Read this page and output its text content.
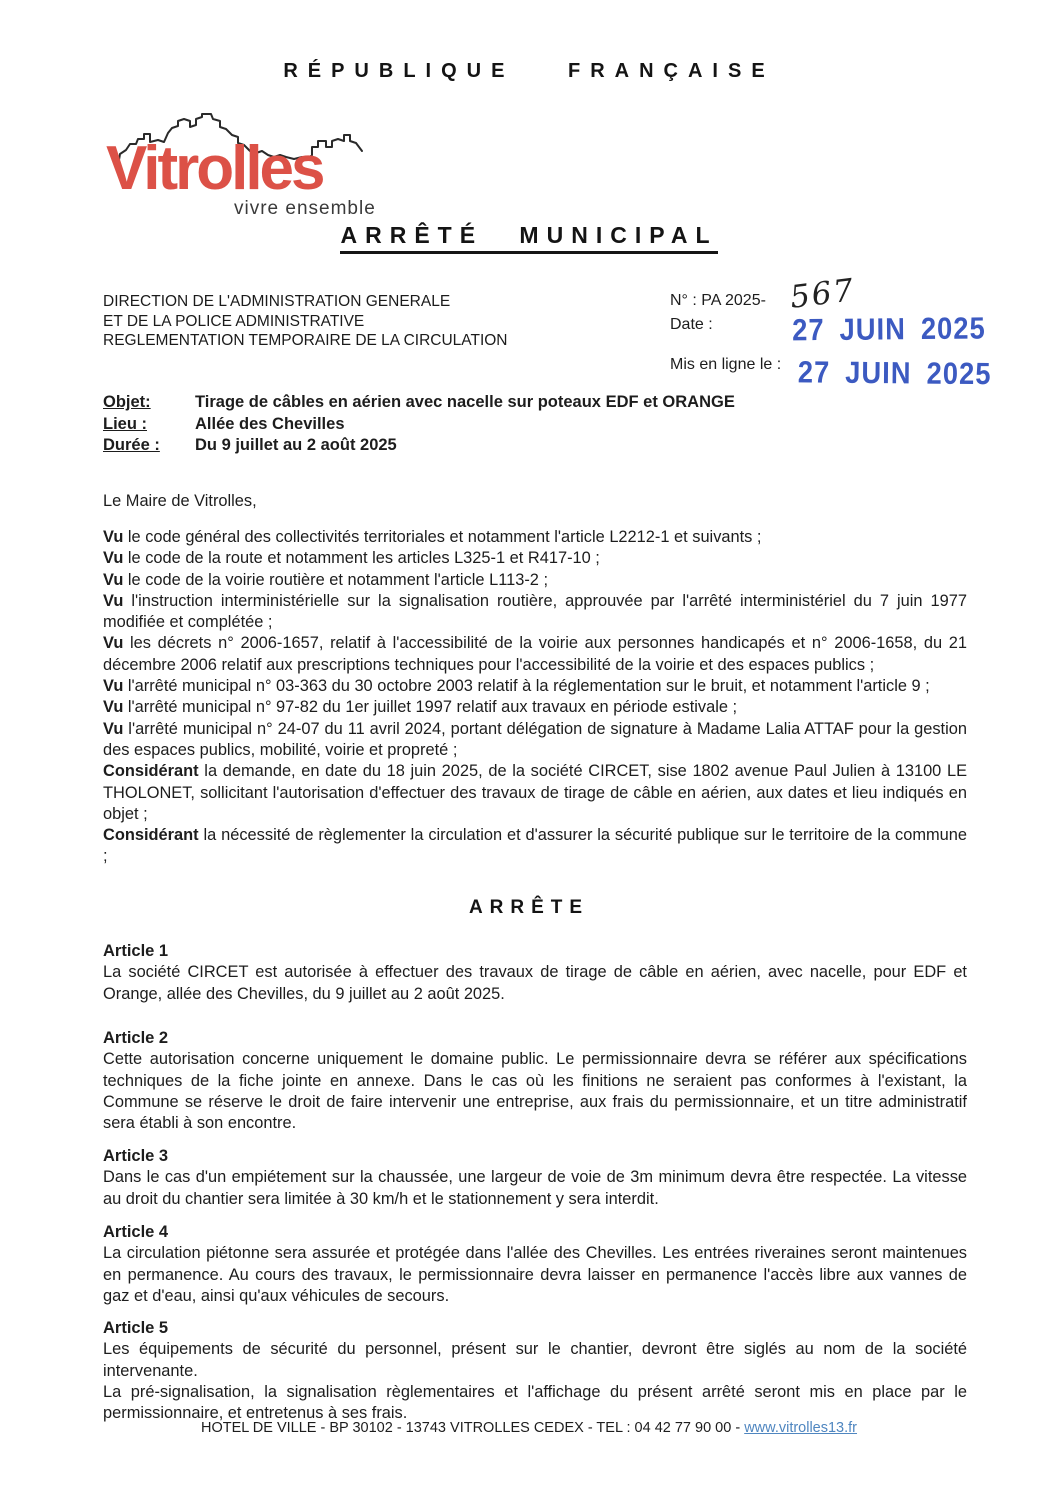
RÉPUBLIQUE FRANÇAISE
Vitrolles
vivre ensemble
ARRÊTÉ MUNICIPAL
DIRECTION DE L'ADMINISTRATION GENERALE
ET DE LA POLICE ADMINISTRATIVE
REGLEMENTATION TEMPORAIRE DE LA CIRCULATION
N° : PA 2025- 567
Date :	27 JUIN 2025
Mis en ligne le : 27 JUIN 2025
Objet:	Tirage de câbles en aérien avec nacelle sur poteaux EDF et ORANGE
Lieu :	Allée des Chevilles
Durée :	Du 9 juillet au 2 août 2025
Le Maire de Vitrolles,

Vu le code général des collectivités territoriales et notamment l'article L2212-1 et suivants ;

Vu le code de la route et notamment les articles L325-1 et R417-10 ;

Vu le code de la voirie routière et notamment l'article L113-2 ;

Vu l'instruction interministérielle sur la signalisation routière, approuvée par l'arrêté interministériel du 7 juin 1977 modifiée et complétée ;

Vu les décrets n° 2006-1657, relatif à l'accessibilité de la voirie aux personnes handicapés et n° 2006-1658, du 21 décembre 2006 relatif aux prescriptions techniques pour l'accessibilité de la voirie et des espaces publics ;

Vu l'arrêté municipal n° 03-363 du 30 octobre 2003 relatif à la réglementation sur le bruit, et notamment l'article 9 ;

Vu l'arrêté municipal n° 97-82 du 1er juillet 1997 relatif aux travaux en période estivale ;

Vu l'arrêté municipal n° 24-07 du 11 avril 2024, portant délégation de signature à Madame Lalia ATTAF pour la gestion des espaces publics, mobilité, voirie et propreté ;

Considérant la demande, en date du 18 juin 2025, de la société CIRCET, sise 1802 avenue Paul Julien à 13100 LE THOLONET, sollicitant l'autorisation d'effectuer des travaux de tirage de câble en aérien, aux dates et lieu indiqués en objet ;

Considérant la nécessité de règlementer la circulation et d'assurer la sécurité publique sur le territoire de la commune ;

ARRÊTE
Article 1

La société CIRCET est autorisée à effectuer des travaux de tirage de câble en aérien, avec nacelle, pour EDF et Orange, allée des Chevilles, du 9 juillet au 2 août 2025.

Article 2

Cette autorisation concerne uniquement le domaine public. Le permissionnaire devra se référer aux spécifications techniques de la fiche jointe en annexe. Dans le cas où les finitions ne seraient pas conformes à l'existant, la Commune se réserve le droit de faire intervenir une entreprise, aux frais du permissionnaire, et un titre administratif sera établi à son encontre.

Article 3

Dans le cas d'un empiétement sur la chaussée, une largeur de voie de 3m minimum devra être respectée. La vitesse au droit du chantier sera limitée à 30 km/h et le stationnement y sera interdit.

Article 4

La circulation piétonne sera assurée et protégée dans l'allée des Chevilles. Les entrées riveraines seront maintenues en permanence. Au cours des travaux, le permissionnaire devra laisser en permanence l'accès libre aux vannes de gaz et d'eau, ainsi qu'aux véhicules de secours.

Article 5

Les équipements de sécurité du personnel, présent sur le chantier, devront être siglés au nom de la société intervenante.

La pré-signalisation, la signalisation règlementaires et l'affichage du présent arrêté seront mis en place par le permissionnaire, et entretenus à ses frais.

HOTEL DE VILLE - BP 30102 - 13743 VITROLLES CEDEX - TEL : 04 42 77 90 00 - www.vitrolles13.fr
